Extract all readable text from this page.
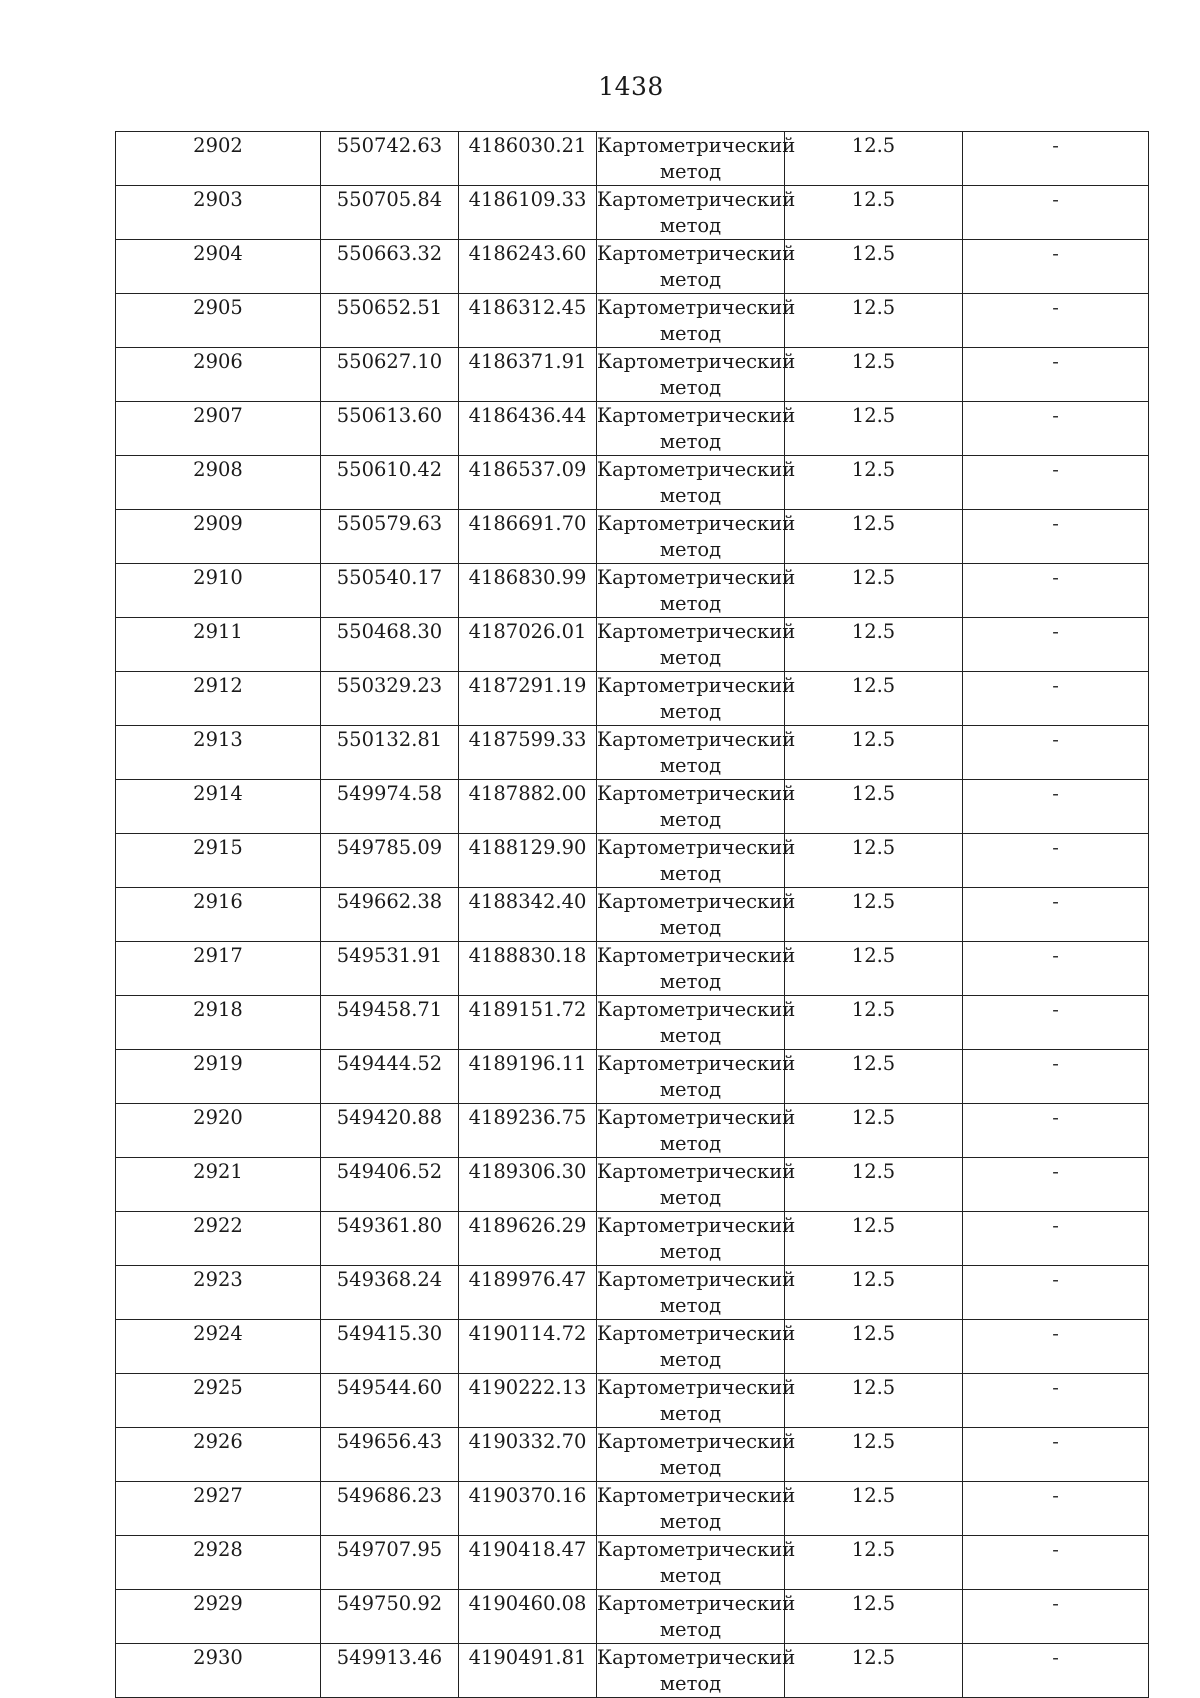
1438
2902	550742.63	4186030.21	Картометрический метод	12.5	-

2903	550705.84	4186109.33	Картометрический метод	12.5	-

2904	550663.32	4186243.60	Картометрический метод	12.5	-

2905	550652.51	4186312.45	Картометрический метод	12.5	-

2906	550627.10	4186371.91	Картометрический метод	12.5	-

2907	550613.60	4186436.44	Картометрический метод	12.5	-

2908	550610.42	4186537.09	Картометрический метод	12.5	-

2909	550579.63	4186691.70	Картометрический метод	12.5	-

2910	550540.17	4186830.99	Картометрический метод	12.5	-

2911	550468.30	4187026.01	Картометрический метод	12.5	-

2912	550329.23	4187291.19	Картометрический метод	12.5	-

2913	550132.81	4187599.33	Картометрический метод	12.5	-

2914	549974.58	4187882.00	Картометрический метод	12.5	-

2915	549785.09	4188129.90	Картометрический метод	12.5	-

2916	549662.38	4188342.40	Картометрический метод	12.5	-

2917	549531.91	4188830.18	Картометрический метод	12.5	-

2918	549458.71	4189151.72	Картометрический метод	12.5	-

2919	549444.52	4189196.11	Картометрический метод	12.5	-

2920	549420.88	4189236.75	Картометрический метод	12.5	-

2921	549406.52	4189306.30	Картометрический метод	12.5	-

2922	549361.80	4189626.29	Картометрический метод	12.5	-

2923	549368.24	4189976.47	Картометрический метод	12.5	-

2924	549415.30	4190114.72	Картометрический метод	12.5	-

2925	549544.60	4190222.13	Картометрический метод	12.5	-

2926	549656.43	4190332.70	Картометрический метод	12.5	-

2927	549686.23	4190370.16	Картометрический метод	12.5	-

2928	549707.95	4190418.47	Картометрический метод	12.5	-

2929	549750.92	4190460.08	Картометрический метод	12.5	-

2930	549913.46	4190491.81	Картометрический метод	12.5	-
